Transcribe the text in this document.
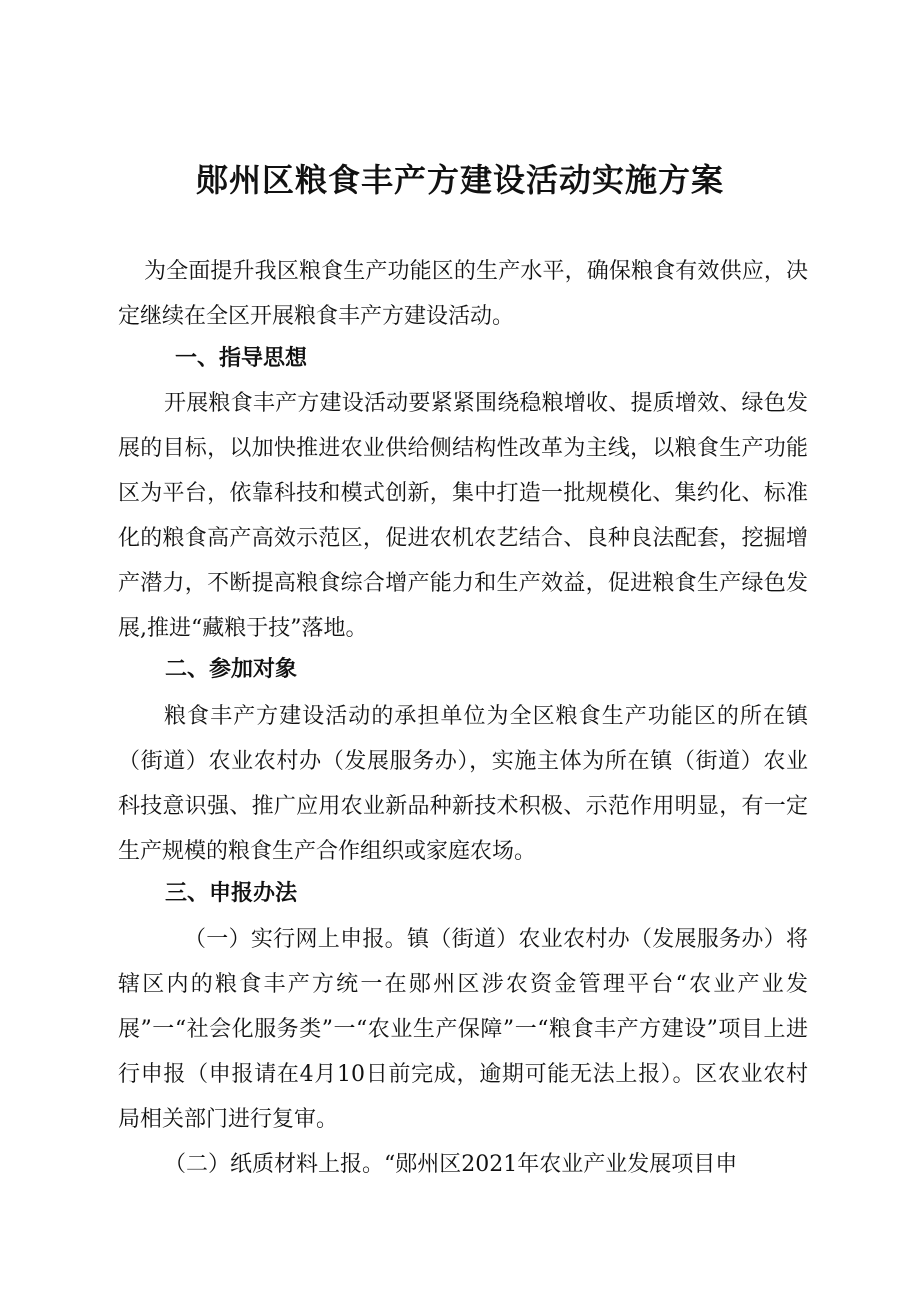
郧州区粮食丰产方建设活动实施方案

为全面提升我区粮食生产功能区的生产水平，确保粮食有效供应，决定继续在全区开展粮食丰产方建设活动。

一、指导思想

开展粮食丰产方建设活动要紧紧围绕稳粮增收、提质增效、绿色发展的目标，以加快推进农业供给侧结构性改革为主线，以粮食生产功能区为平台，依靠科技和模式创新，集中打造一批规模化、集约化、标准化的粮食高产高效示范区，促进农机农艺结合、良种良法配套，挖掘增产潜力，不断提高粮食综合增产能力和生产效益，促进粮食生产绿色发展,推进“藏粮于技”落地。

二、参加对象

粮食丰产方建设活动的承担单位为全区粮食生产功能区的所在镇（街道）农业农村办（发展服务办），实施主体为所在镇（街道）农业科技意识强、推广应用农业新品种新技术积极、示范作用明显，有一定生产规模的粮食生产合作组织或家庭农场。

三、申报办法

（一）实行网上申报。镇（街道）农业农村办（发展服务办）将辖区内的粮食丰产方统一在郧州区涉农资金管理平台“农业产业发展”一“社会化服务类”一“农业生产保障”一“粮食丰产方建设”项目上进行申报（申报请在4月10日前完成，逾期可能无法上报）。区农业农村局相关部门进行复审。

（二）纸质材料上报。“郧州区2021年农业产业发展项目申
